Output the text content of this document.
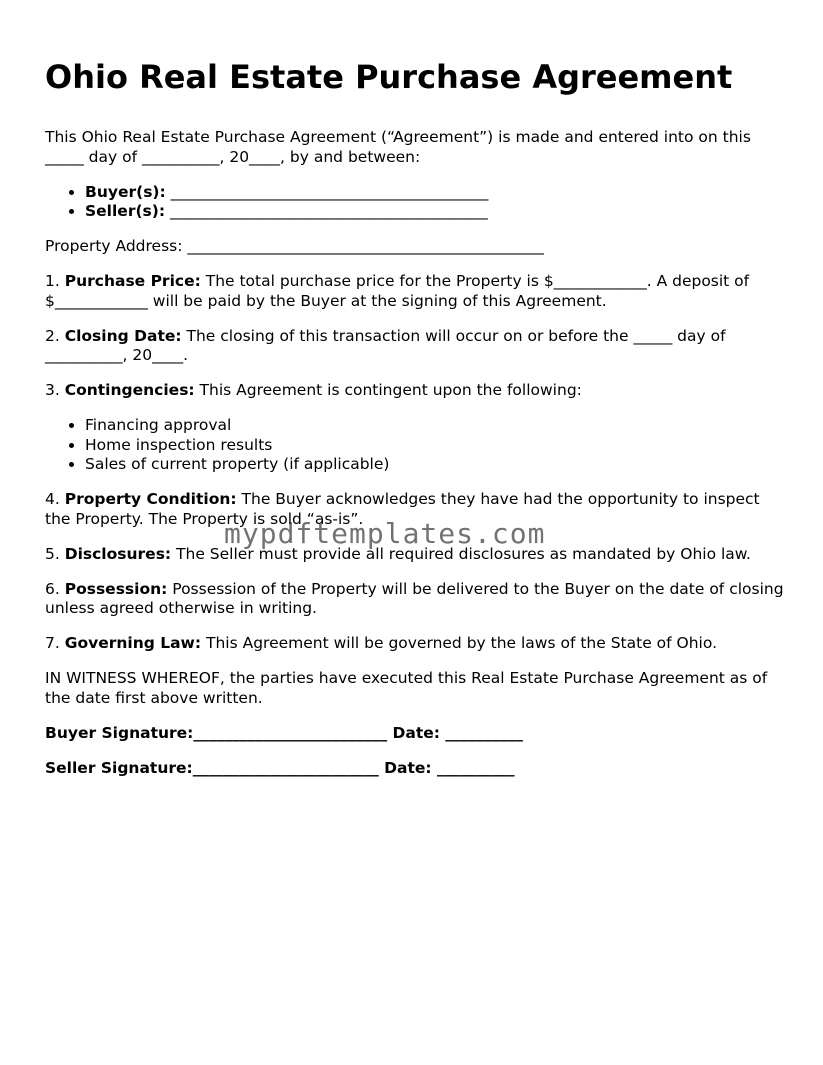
Ohio Real Estate Purchase Agreement

This Ohio Real Estate Purchase Agreement (“Agreement”) is made and entered into on this _____ day of __________, 20____, by and between:

• Buyer(s): _________________________________________
• Seller(s): _________________________________________

Property Address: ______________________________________________

1. Purchase Price: The total purchase price for the Property is $____________. A deposit of $____________ will be paid by the Buyer at the signing of this Agreement.

2. Closing Date: The closing of this transaction will occur on or before the _____ day of __________, 20____.

3. Contingencies: This Agreement is contingent upon the following:

• Financing approval
• Home inspection results
• Sales of current property (if applicable)

4. Property Condition: The Buyer acknowledges they have had the opportunity to inspect the Property. The Property is sold “as-is”.

5. Disclosures: The Seller must provide all required disclosures as mandated by Ohio law.

6. Possession: Possession of the Property will be delivered to the Buyer on the date of closing unless agreed otherwise in writing.

7. Governing Law: This Agreement will be governed by the laws of the State of Ohio.

IN WITNESS WHEREOF, the parties have executed this Real Estate Purchase Agreement as of the date first above written.

Buyer Signature:_________________________ Date: __________
Seller Signature:________________________ Date: __________
mypdftemplates.com
